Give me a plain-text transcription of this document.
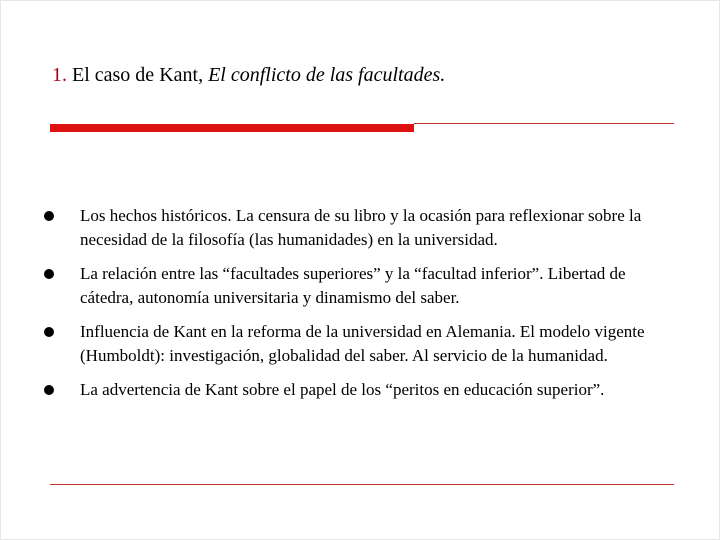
1. El caso de Kant, El conflicto de las facultades.
Los hechos históricos. La censura de su libro y la ocasión para reflexionar sobre la necesidad de la filosofía (las humanidades) en la universidad.
La relación entre las “facultades superiores” y la “facultad inferior”. Libertad de cátedra, autonomía universitaria y dinamismo del saber.
Influencia de Kant en la reforma de la universidad en Alemania. El modelo vigente (Humboldt): investigación, globalidad del saber. Al servicio de la humanidad.
La advertencia de Kant sobre el papel de los “peritos en educación superior”.
